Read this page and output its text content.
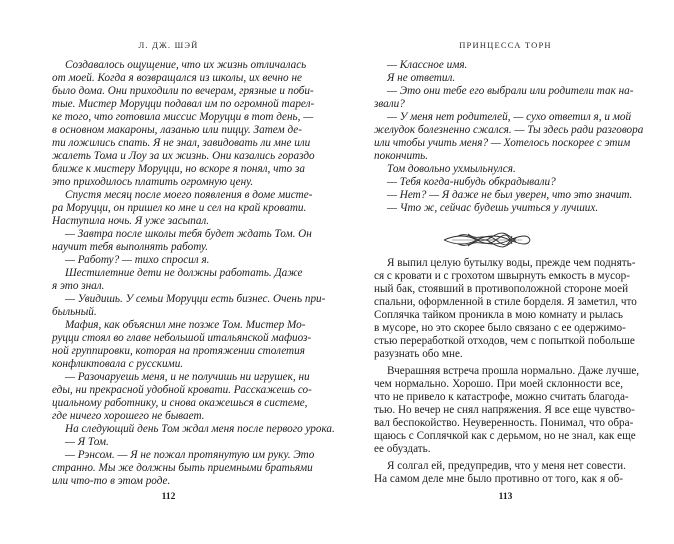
Л. ДЖ. ШЭЙ
Создавалось ощущение, что их жизнь отличалась
от моей. Когда я возвращался из школы, их вечно не
было дома. Они приходили по вечерам, грязные и поби-
тые. Мистер Моруцци подавал им по огромной тарел-
ке того, что готовила миссис Моруцци в тот день, —
в основном макароны, лазанью или пиццу. Затем де-
ти ложились спать. Я не знал, завидовать ли мне или
жалеть Тома и Лоу за их жизнь. Они казались гораздо
ближе к мистеру Моруцци, но вскоре я понял, что за
это приходилось платить огромную цену.
Спустя месяц после моего появления в доме мисте-
ра Моруцци, он пришел ко мне и сел на край кровати.
Наступила ночь. Я уже засыпал.
— Завтра после школы тебя будет ждать Том. Он
научит тебя выполнять работу.
— Работу? — тихо спросил я.
Шестилетние дети не должны работать. Даже
я это знал.
— Увидишь. У семьи Моруцци есть бизнес. Очень при-
быльный.
Мафия, как объяснил мне позже Том. Мистер Мо-
руцци стоял во главе небольшой итальянской мафиоз-
ной группировки, которая на протяжении столетия
конфликтовала с русскими.
— Разочаруешь меня, и не получишь ни игрушек, ни
еды, ни прекрасной удобной кровати. Расскажешь со-
циальному работнику, и снова окажешься в системе,
где ничего хорошего не бывает.
На следующий день Том ждал меня после первого урока.
— Я Том.
— Рэнсом. — Я не пожал протянутую им руку. Это
странно. Мы же должны быть приемными братьями
или что-то в этом роде.
112
ПРИНЦЕССА ТОРН
— Классное имя.
Я не ответил.
— Это они тебе его выбрали или родители так на-
звали?
— У меня нет родителей, — сухо ответил я, и мой
желудок болезненно сжался. — Ты здесь ради разговора
или чтобы учить меня? — Хотелось поскорее с этим
покончить.
Том довольно ухмыльнулся.
— Тебя когда-нибудь обкрадывали?
— Нет? — Я даже не был уверен, что это значит.
— Что ж, сейчас будешь учиться у лучших.
Я выпил целую бутылку воды, прежде чем поднять-
ся с кровати и с грохотом швырнуть емкость в мусор-
ный бак, стоявший в противоположной стороне моей
спальни, оформленной в стиле борделя. Я заметил, что
Соплячка тайком проникла в мою комнату и рылась
в мусоре, но это скорее было связано с ее одержимо-
стью переработкой отходов, чем с попыткой побольше
разузнать обо мне.
Вчерашняя встреча прошла нормально. Даже лучше,
чем нормально. Хорошо. При моей склонности все,
что не привело к катастрофе, можно считать благода-
тью. Но вечер не снял напряжения. Я все еще чувство-
вал беспокойство. Неуверенность. Понимал, что обра-
щаюсь с Соплячкой как с дерьмом, но не знал, как еще
ее обуздать.
Я солгал ей, предупредив, что у меня нет совести.
На самом деле мне было противно от того, как я об-
113
